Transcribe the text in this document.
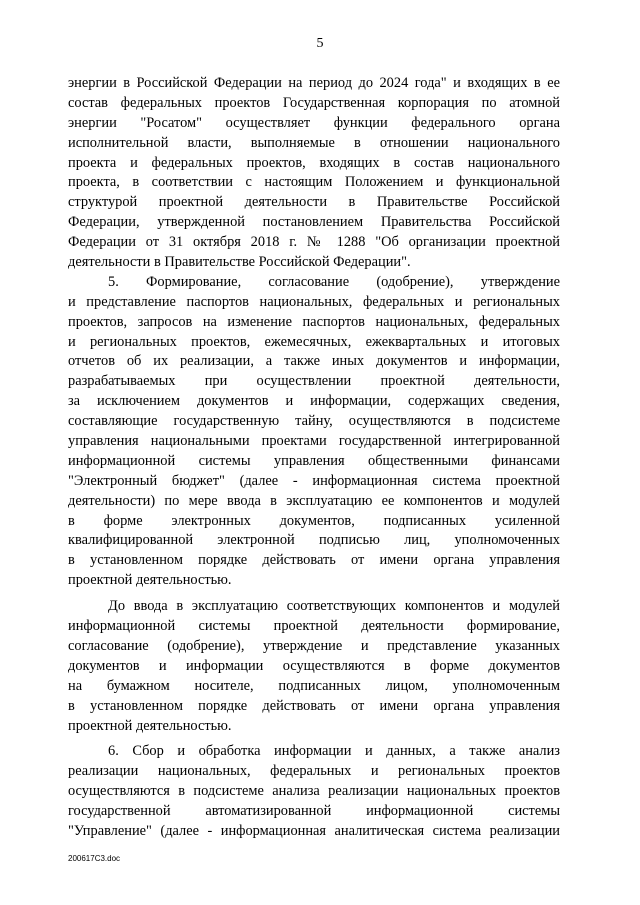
5
энергии в Российской Федерации на период до 2024 года" и входящих в ее
состав федеральных проектов Государственная корпорация по атомной
энергии "Росатом" осуществляет функции федерального органа
исполнительной власти, выполняемые в отношении национального
проекта и федеральных проектов, входящих в состав национального
проекта, в соответствии с настоящим Положением и функциональной
структурой проектной деятельности в Правительстве Российской
Федерации, утвержденной постановлением Правительства Российской
Федерации от 31 октября 2018 г. № 1288 "Об организации проектной
деятельности в Правительстве Российской Федерации".
5. Формирование, согласование (одобрение), утверждение
и представление паспортов национальных, федеральных и региональных
проектов, запросов на изменение паспортов национальных, федеральных
и региональных проектов, ежемесячных, ежеквартальных и итоговых
отчетов об их реализации, а также иных документов и информации,
разрабатываемых при осуществлении проектной деятельности,
за исключением документов и информации, содержащих сведения,
составляющие государственную тайну, осуществляются в подсистеме
управления национальными проектами государственной интегрированной
информационной системы управления общественными финансами
"Электронный бюджет" (далее - информационная система проектной
деятельности) по мере ввода в эксплуатацию ее компонентов и модулей
в форме электронных документов, подписанных усиленной
квалифицированной электронной подписью лиц, уполномоченных
в установленном порядке действовать от имени органа управления
проектной деятельностью.
До ввода в эксплуатацию соответствующих компонентов и модулей
информационной системы проектной деятельности формирование,
согласование (одобрение), утверждение и представление указанных
документов и информации осуществляются в форме документов
на бумажном носителе, подписанных лицом, уполномоченным
в установленном порядке действовать от имени органа управления
проектной деятельностью.
6. Сбор и обработка информации и данных, а также анализ
реализации национальных, федеральных и региональных проектов
осуществляются в подсистеме анализа реализации национальных проектов
государственной автоматизированной информационной системы
"Управление" (далее - информационная аналитическая система реализации
200617C3.doc
